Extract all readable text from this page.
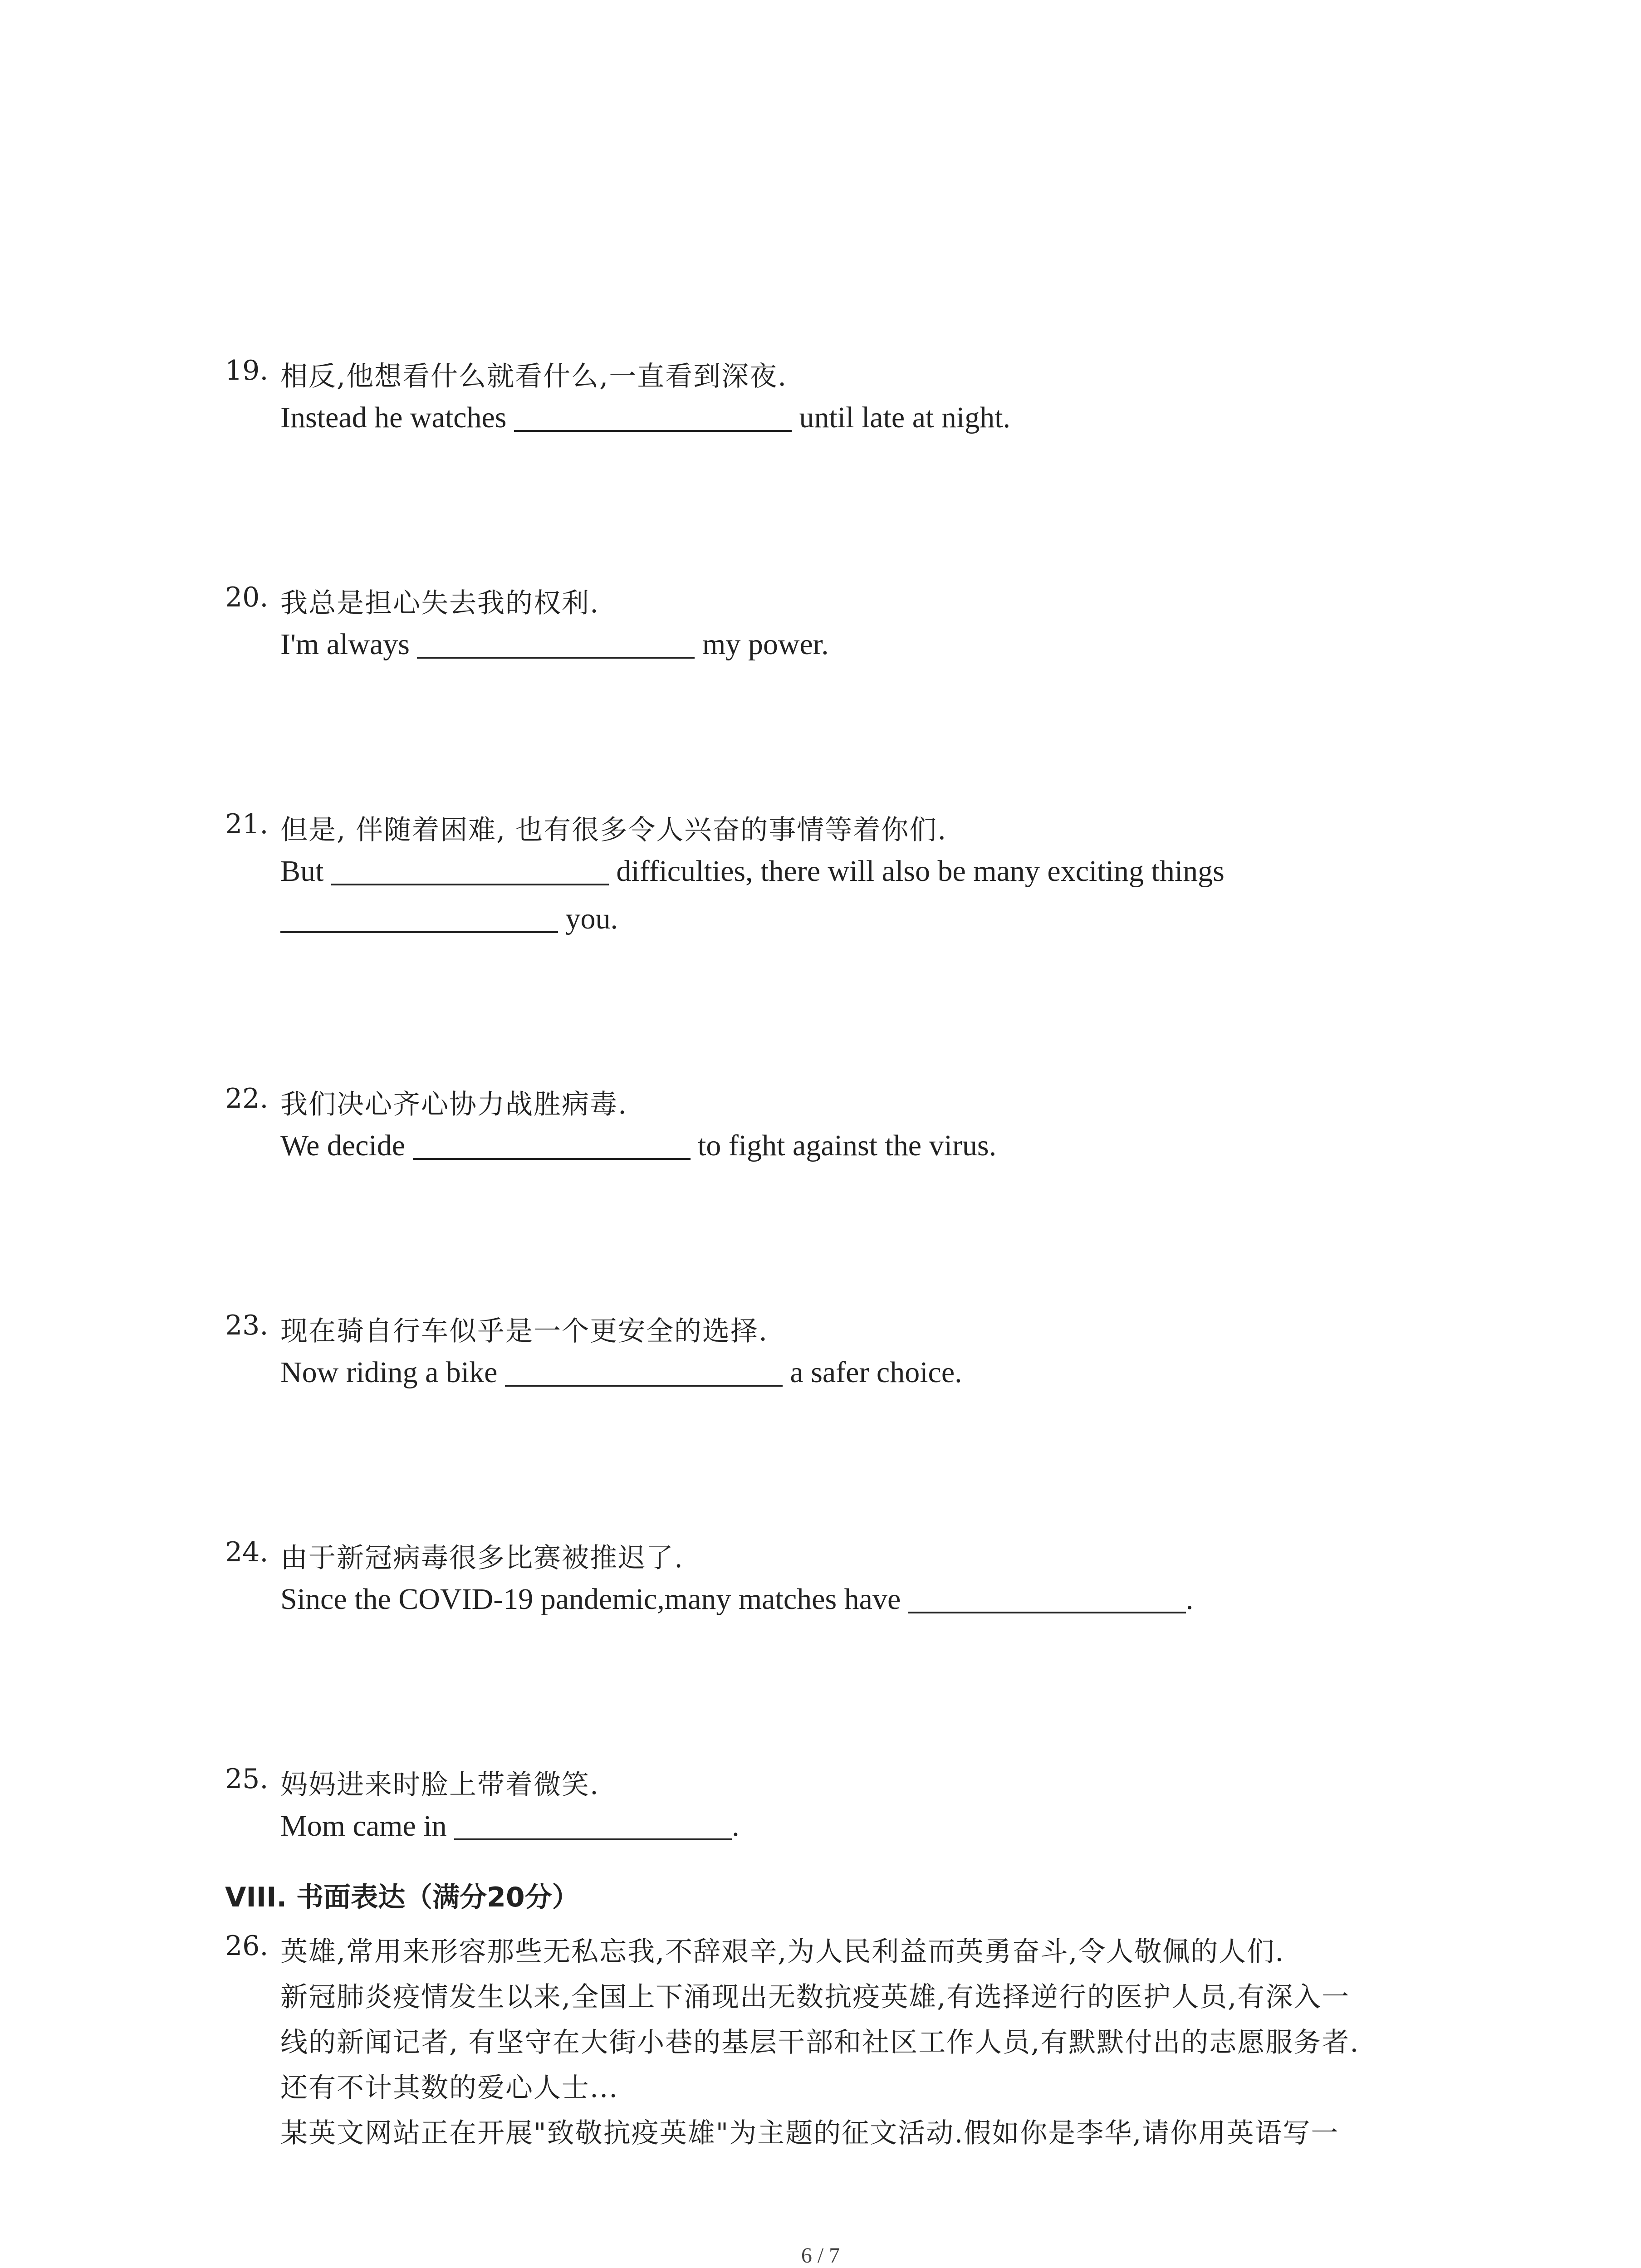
19. 相反,他想看什么就看什么,一直看到深夜.
Instead he watches	until late at night.
20. 我总是担心失去我的权利.
I'm always	my power.
21. 但是, 伴随着困难, 也有很多令人兴奋的事情等着你们.
But	difficulties, there will also be many exciting things
you.
22. 我们决心齐心协力战胜病毒.
We decide	to fight against the virus.
23. 现在骑自行车似乎是一个更安全的选择.
Now riding a bike	a safer choice.
24. 由于新冠病毒很多比赛被推迟了.
Since the COVID-19 pandemic,many matches have	.
25. 妈妈进来时脸上带着微笑.
Mom came in	.
VIII. 书面表达（满分20分）
26. 英雄,常用来形容那些无私忘我,不辞艰辛,为人民利益而英勇奋斗,令人敬佩的人们.
新冠肺炎疫情发生以来,全国上下涌现出无数抗疫英雄,有选择逆行的医护人员,有深入一
线的新闻记者, 有坚守在大街小巷的基层干部和社区工作人员,有默默付出的志愿服务者.
还有不计其数的爱心人士...
某英文网站正在开展"致敬抗疫英雄"为主题的征文活动.假如你是李华,请你用英语写一
6 / 7
